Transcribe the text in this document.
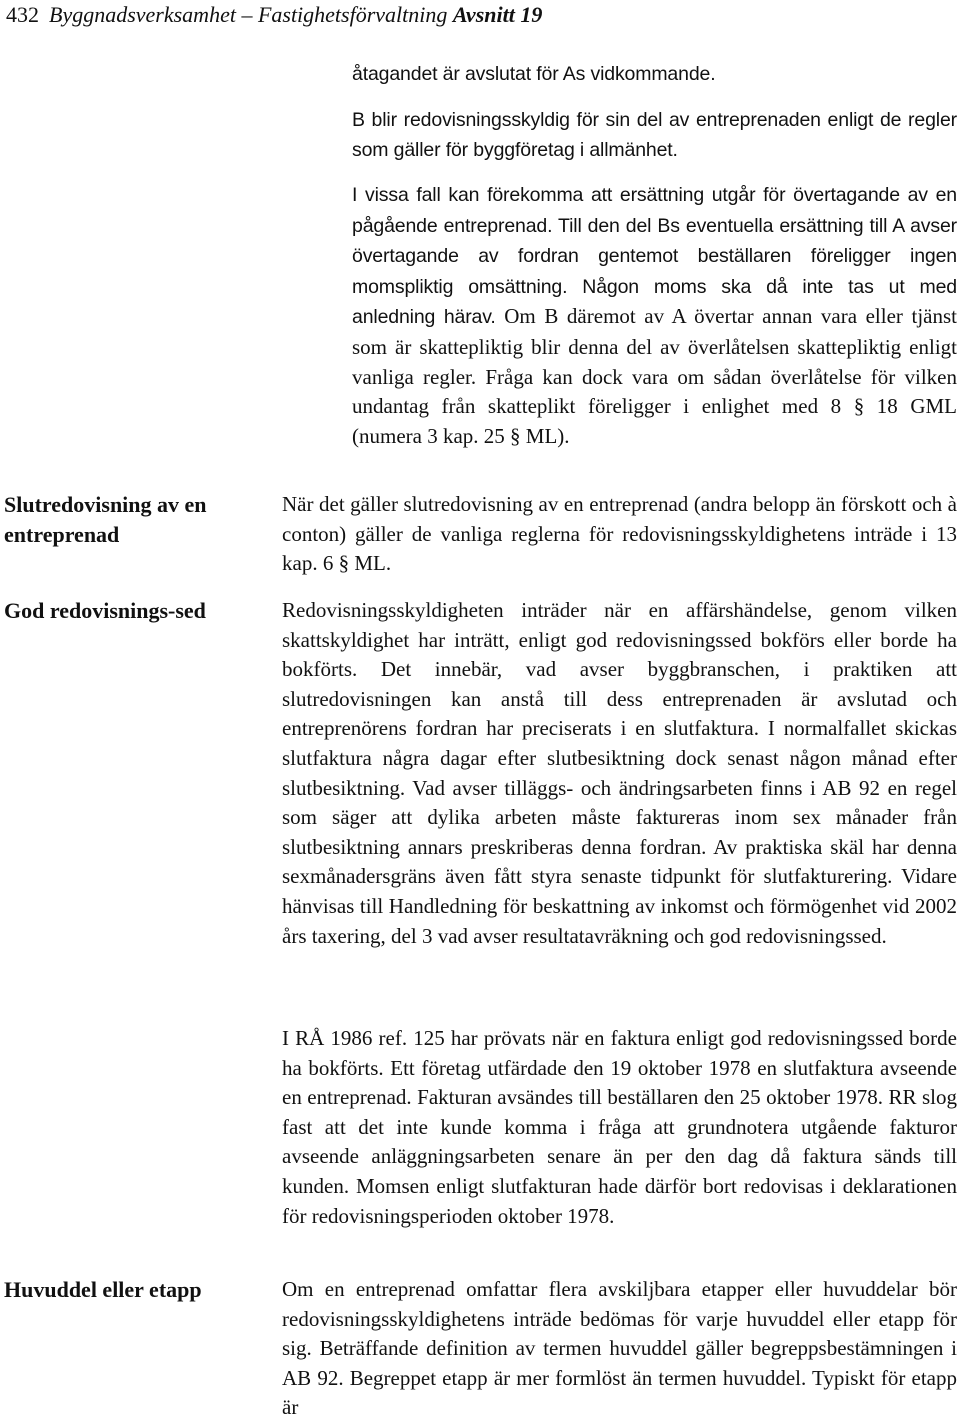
432 Byggnadsverksamhet – Fastighetsförvaltning Avsnitt 19
Slutredovisning av en entreprenad
God redovisnings-sed
Huvuddel eller etapp

åtagandet är avslutat för As vidkommande.

B blir redovisningsskyldig för sin del av entreprenaden enligt de regler som gäller för byggföretag i allmänhet.

I vissa fall kan förekomma att ersättning utgår för övertagande av en pågående entreprenad. Till den del Bs eventuella ersättning till A avser övertagande av fordran gentemot beställaren föreligger ingen momspliktig omsättning. Någon moms ska då inte tas ut med anledning härav. Om B däremot av A övertar annan vara eller tjänst som är skattepliktig blir denna del av överlåtelsen skattepliktig enligt vanliga regler. Fråga kan dock vara om sådan överlåtelse för vilken undantag från skatteplikt föreligger i enlighet med 8 § 18 GML (numera 3 kap. 25 § ML).
När det gäller slutredovisning av en entreprenad (andra belopp än förskott och à conton) gäller de vanliga reglerna för redovisningsskyldighetens inträde i 13 kap. 6 § ML.

Redovisningsskyldigheten inträder när en affärshändelse, genom vilken skattskyldighet har inträtt, enligt god redovisningssed bokförs eller borde ha bokförts. Det innebär, vad avser byggbranschen, i praktiken att slutredovisningen kan anstå till dess entreprenaden är avslutad och entreprenörens fordran har preciserats i en slutfaktura. I normalfallet skickas slutfaktura några dagar efter slutbesiktning dock senast någon månad efter slutbesiktning. Vad avser tilläggs- och ändringsarbeten finns i AB 92 en regel som säger att dylika arbeten måste faktureras inom sex månader från slutbesiktning annars preskriberas denna fordran. Av praktiska skäl har denna sexmånadersgräns även fått styra senaste tidpunkt för slutfakturering. Vidare hänvisas till Handledning för beskattning av inkomst och förmögenhet vid 2002 års taxering, del 3 vad avser resultatavräkning och god redovisningssed.

I RÅ 1986 ref. 125 har prövats när en faktura enligt god redovisningssed borde ha bokförts. Ett företag utfärdade den 19 oktober 1978 en slutfaktura avseende en entreprenad. Fakturan avsändes till beställaren den 25 oktober 1978. RR slog fast att det inte kunde komma i fråga att grundnotera utgående fakturor avseende anläggningsarbeten senare än per den dag då faktura sänds till kunden. Momsen enligt slutfakturan hade därför bort redovisas i deklarationen för redovisningsperioden oktober 1978.

Om en entreprenad omfattar flera avskiljbara etapper eller huvuddelar bör redovisningsskyldighetens inträde bedömas för varje huvuddel eller etapp för sig. Beträffande definition av termen huvuddel gäller begreppsbestämningen i AB 92. Begreppet etapp är mer formlöst än termen huvuddel. Typiskt för etapp är
